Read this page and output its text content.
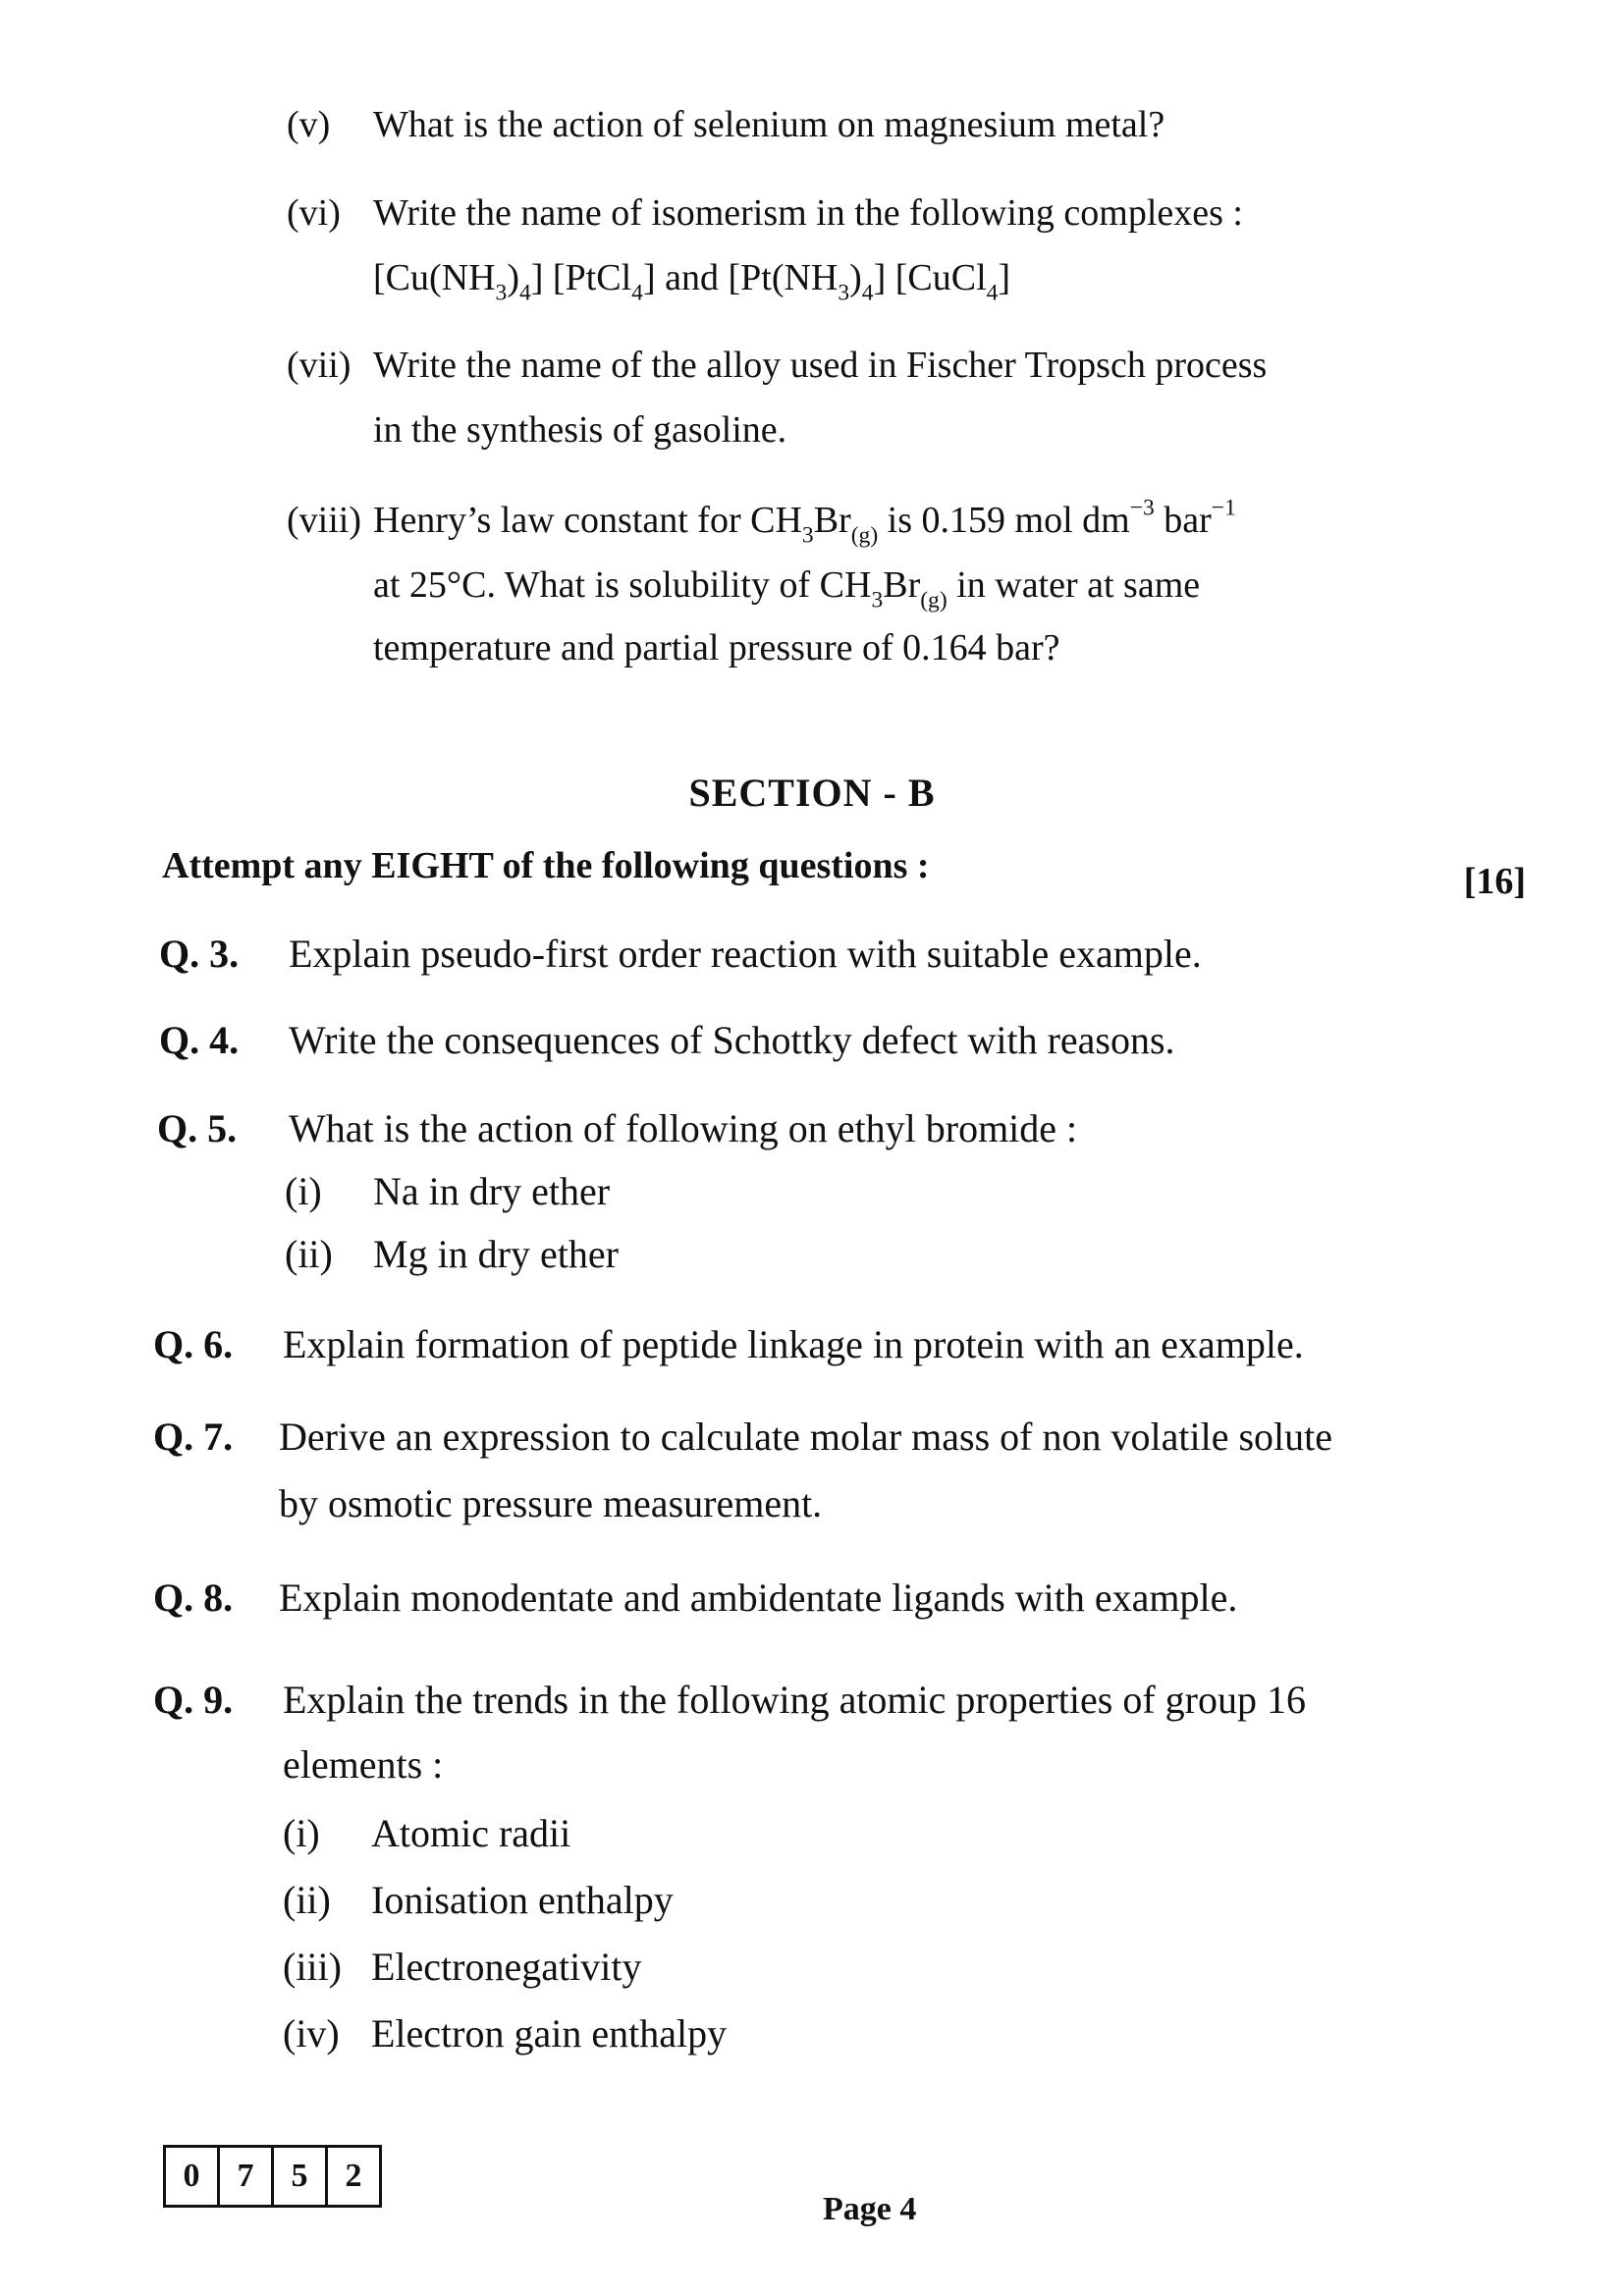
(v) What is the action of selenium on magnesium metal?
(vi) Write the name of isomerism in the following complexes :
$[Cu(NH_3)_4]$ [PtCl$_4$] and $[Pt(NH_3)_4]$ [CuCl$_4$]
(vii) Write the name of the alloy used in Fischer Tropsch process
in the synthesis of gasoline.
(viii) Henry’s law constant for $CH_3Br_{(g)}$ is 0.159 mol $dm^{-3}$ bar$^{-1}$
at 25°C. What is solubility of $CH_3Br_{(g)}$ in water at same
temperature and partial pressure of 0.164 bar?
SECTION - B
Attempt any EIGHT of the following questions :	[16]
Q. 3. Explain pseudo-first order reaction with suitable example.
Q. 4. Write the consequences of Schottky defect with reasons.
Q. 5. What is the action of following on ethyl bromide :
(i) Na in dry ether
(ii) Mg in dry ether
Q. 6. Explain formation of peptide linkage in protein with an example.
Q. 7. Derive an expression to calculate molar mass of non volatile solute
by osmotic pressure measurement.
Q. 8. Explain monodentate and ambidentate ligands with example.
Q. 9. Explain the trends in the following atomic properties of group 16
elements :
(i) Atomic radii
(ii) Ionisation enthalpy
(iii) Electronegativity
(iv) Electron gain enthalpy
0	7	5	2
Page 4
